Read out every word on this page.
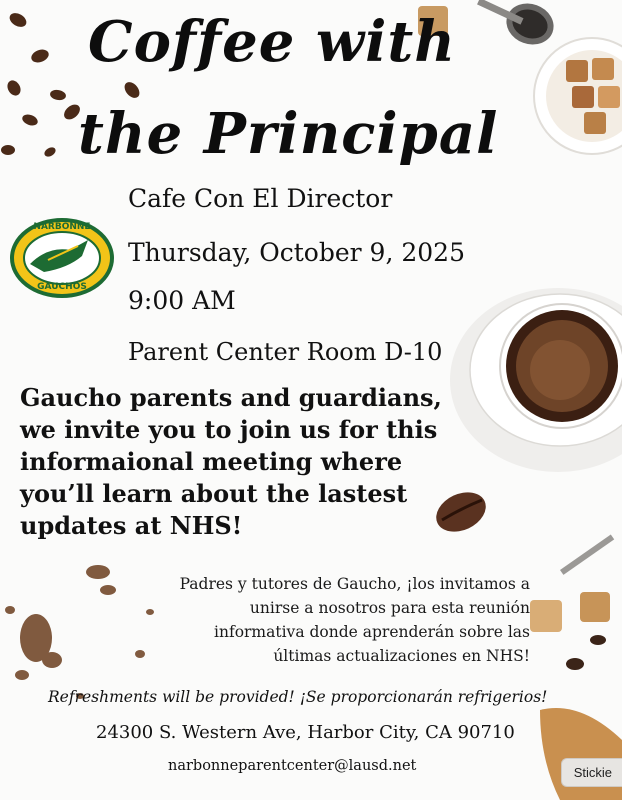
Coffee with
the Principal
NARBONNE
GAUCHOS
Cafe Con El Director
Thursday, October 9, 2025
9:00 AM
Parent Center Room D-10
Gaucho parents and guardians,
we invite you to join us for this
informaional meeting where
you’ll learn about the lastest
updates at NHS!
Padres y tutores de Gaucho, ¡los invitamos a
unirse a nosotros para esta reunión
informativa donde aprenderán sobre las
últimas actualizaciones en NHS!
Refreshments will be provided! ¡Se proporcionarán refrigerios!
24300 S. Western Ave, Harbor City, CA 90710
narbonneparentcenter@lausd.net	Stickie
